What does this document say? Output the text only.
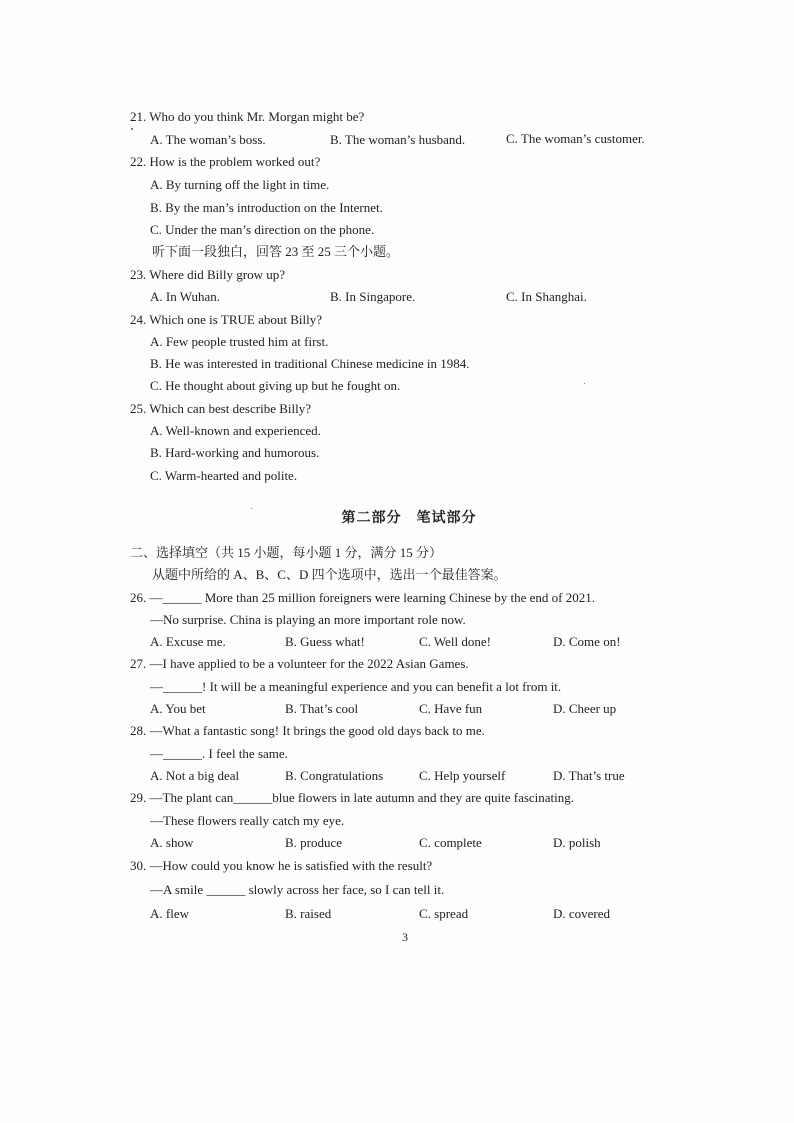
21. Who do you think Mr. Morgan might be?
A. The woman’s boss.	B. The woman’s husband.	C. The woman’s customer.
22. How is the problem worked out?
A. By turning off the light in time.
B. By the man’s introduction on the Internet.
C. Under the man’s direction on the phone.
听下面一段独白，回答 23 至 25 三个小题。
23. Where did Billy grow up?
A. In Wuhan.	B. In Singapore.	C. In Shanghai.
24. Which one is TRUE about Billy?
A. Few people trusted him at first.
B. He was interested in traditional Chinese medicine in 1984.
C. He thought about giving up but he fought on.
25. Which can best describe Billy?
A. Well-known and experienced.
B. Hard-working and humorous.
C. Warm-hearted and polite.
第二部分　笔试部分
二、选择填空（共 15 小题，每小题 1 分，满分 15 分）
从题中所给的 A、B、C、D 四个选项中，选出一个最佳答案。
26. —______ More than 25 million foreigners were learning Chinese by the end of 2021.
—No surprise. China is playing an more important role now.
A. Excuse me.	B. Guess what!	C. Well done!	D. Come on!
27. —I have applied to be a volunteer for the 2022 Asian Games.
—______! It will be a meaningful experience and you can benefit a lot from it.
A. You bet	B. That’s cool	C. Have fun	D. Cheer up
28. —What a fantastic song! It brings the good old days back to me.
—______. I feel the same.
A. Not a big deal	B. Congratulations	C. Help yourself	D. That’s true
29. —The plant can______blue flowers in late autumn and they are quite fascinating.
—These flowers really catch my eye.
A. show	B. produce	C. complete	D. polish
30. —How could you know he is satisfied with the result?
—A smile ______ slowly across her face, so I can tell it.
A. flew	B. raised	C. spread	D. covered
3
